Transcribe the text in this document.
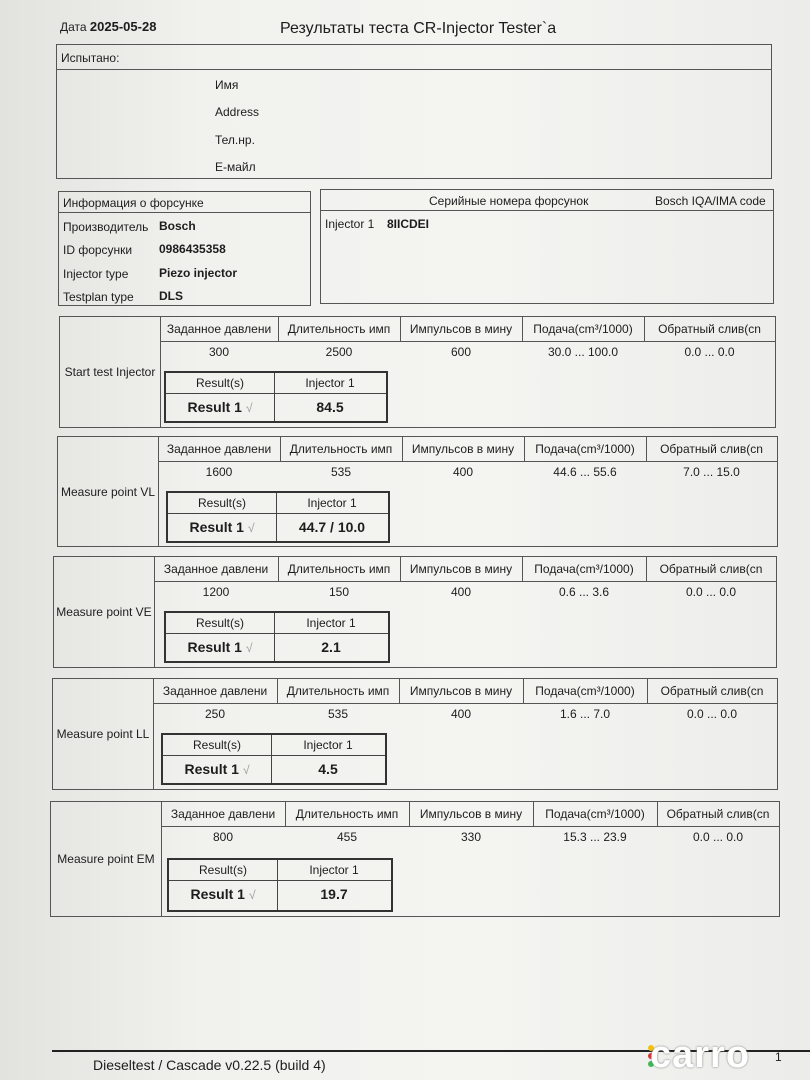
Дата 2025-05-28	Результаты теста CR-Injector Tester`a
Испытано:
Имя
Address
Тел.нр.
E-майл
Информация о форсунке
Производитель Bosch
ID форсунки 0986435358
Injector type	Piezo injector
Testplan type DLS
Серийные номера форсунок	Bosch IQA/IMA code
Injector 1 8IICDEI
Start test Injector
Заданное давлени	Длительность имп	Импульсов в мину	Подача(cm³/1000)	Обратный слив(cn
300	2500	600	30.0 ... 100.0	0.0 ... 0.0
Result(s)	Injector 1
Result 1 √	84.5
Measure point VL
Заданное давлени	Длительность имп	Импульсов в мину	Подача(cm³/1000)	Обратный слив(cn
1600	535	400	44.6 ... 55.6	7.0 ... 15.0
Result(s)	Injector 1
Result 1 √	44.7 / 10.0
Measure point VE
Заданное давлени	Длительность имп	Импульсов в мину	Подача(cm³/1000)	Обратный слив(cn
1200	150	400	0.6 ... 3.6	0.0 ... 0.0
Result(s)	Injector 1
Result 1 √	2.1
Measure point LL
Заданное давлени	Длительность имп	Импульсов в мину	Подача(cm³/1000)	Обратный слив(cn
250	535	400	1.6 ... 7.0	0.0 ... 0.0
Result(s)	Injector 1
Result 1 √	4.5
Measure point EM
Заданное давлени	Длительность имп	Импульсов в мину	Подача(cm³/1000)	Обратный слив(cn
800	455	330	15.3 ... 23.9	0.0 ... 0.0
Result(s)	Injector 1
Result 1 √	19.7
Dieseltest / Cascade v0.22.5 (build 4)	1
carro
